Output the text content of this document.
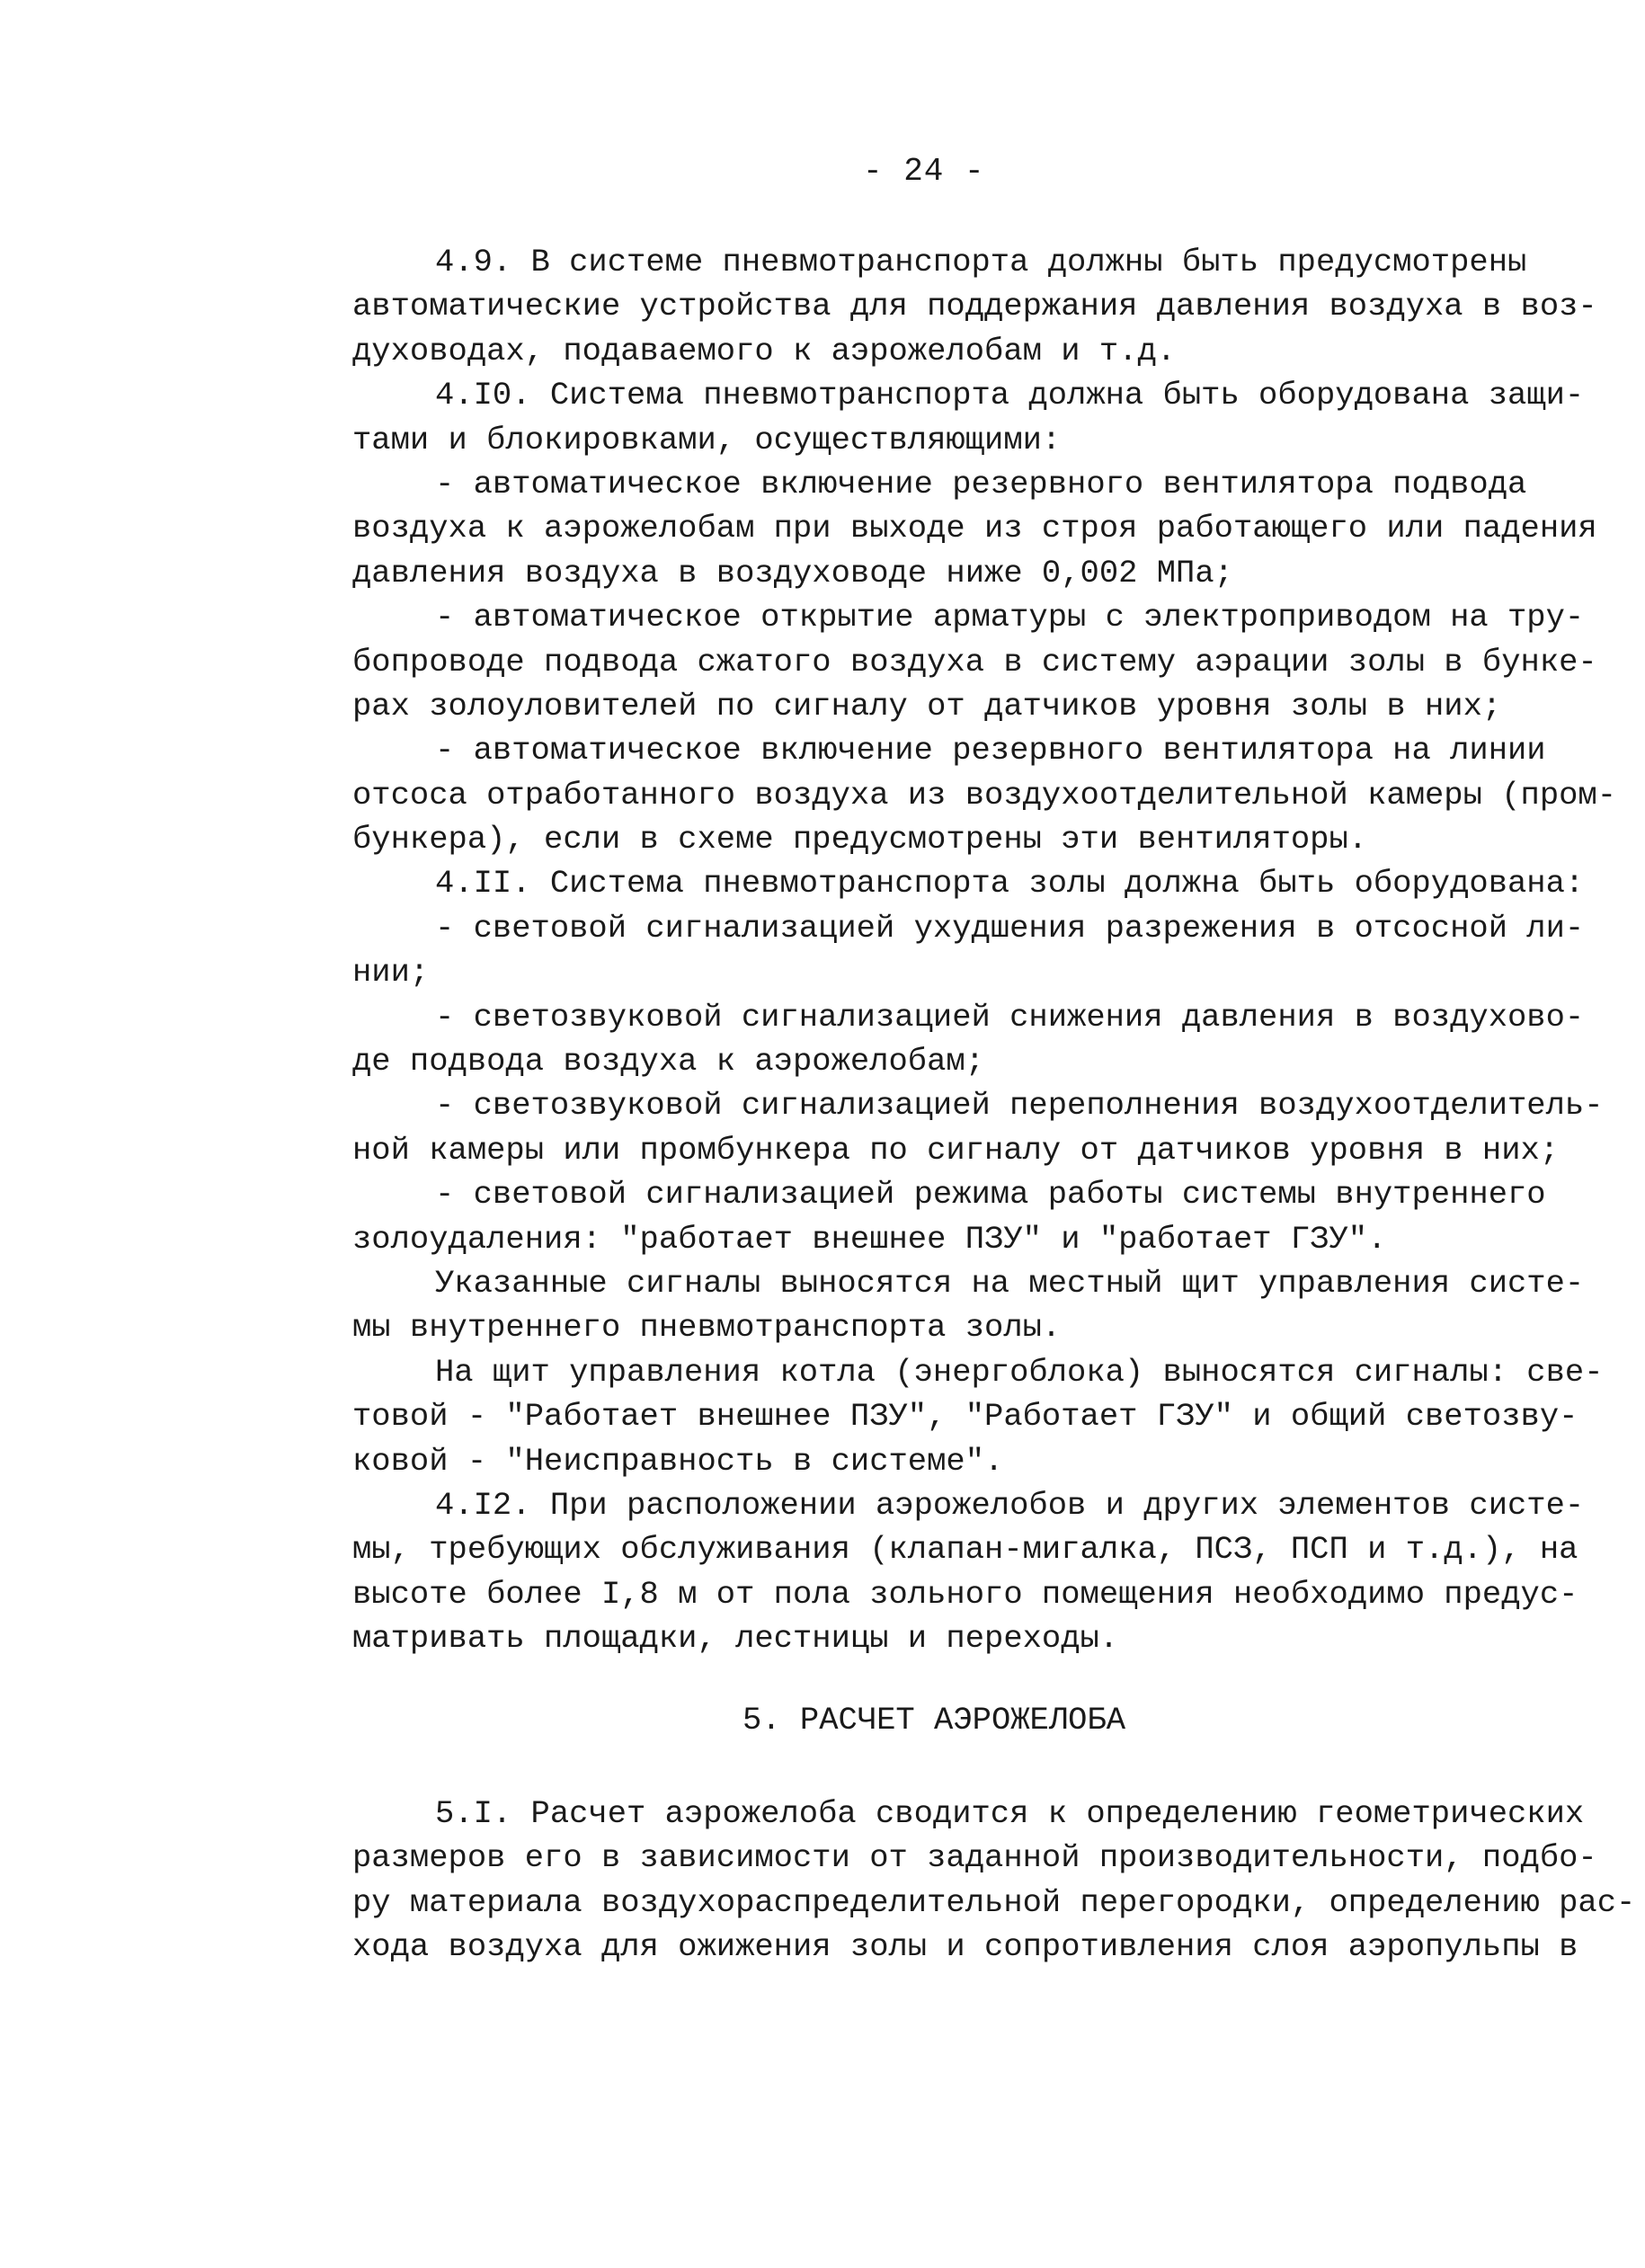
- 24 -
4.9. В системе пневмотранспорта должны быть предусмотрены
автоматические устройства для поддержания давления воздуха в воз-
духоводах, подаваемого к аэрожелобам и т.д.
4.I0. Система пневмотранспорта должна быть оборудована защи-
тами и блокировками, осуществляющими:
- автоматическое включение резервного вентилятора подвода
воздуха к аэрожелобам при выходе из строя работающего или падения
давления воздуха в воздуховоде ниже 0,002 МПа;
- автоматическое открытие арматуры с электроприводом на тру-
бопроводе подвода сжатого воздуха в систему аэрации золы в бунке-
рах золоуловителей по сигналу от датчиков уровня золы в них;
- автоматическое включение резервного вентилятора на линии
отсоса отработанного воздуха из воздухоотделительной камеры (пром-
бункера), если в схеме предусмотрены эти вентиляторы.
4.II. Система пневмотранспорта золы должна быть оборудована:
- световой сигнализацией ухудшения разрежения в отсосной ли-
нии;
- светозвуковой сигнализацией снижения давления в воздухово-
де подвода воздуха к аэрожелобам;
- светозвуковой сигнализацией переполнения воздухоотделитель-
ной камеры или промбункера по сигналу от датчиков уровня в них;
- световой сигнализацией режима работы системы внутреннего
золоудаления: "работает внешнее ПЗУ" и "работает ГЗУ".
Указанные сигналы выносятся на местный щит управления систе-
мы внутреннего пневмотранспорта золы.
На щит управления котла (энергоблока) выносятся сигналы: све-
товой - "Работает внешнее ПЗУ", "Работает ГЗУ" и общий светозву-
ковой - "Неисправность в системе".
4.I2. При расположении аэрожелобов и других элементов систе-
мы, требующих обслуживания (клапан-мигалка, ПСЗ, ПСП и т.д.), на
высоте более I,8 м от пола зольного помещения необходимо предус-
матривать площадки, лестницы и переходы.
5. РАСЧЕТ АЭРОЖЕЛОБА
5.I. Расчет аэрожелоба сводится к определению геометрических
размеров его в зависимости от заданной производительности, подбо-
ру материала воздухораспределительной перегородки, определению рас-
хода воздуха для ожижения золы и сопротивления слоя аэропульпы в
